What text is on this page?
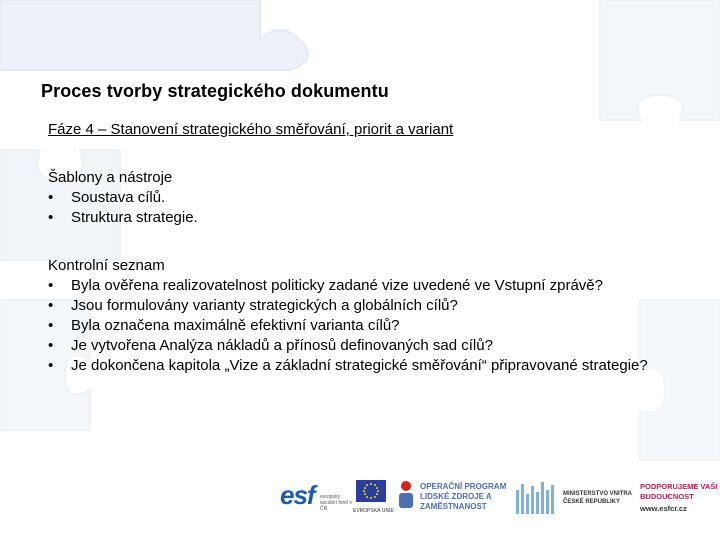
Proces tvorby strategického dokumentu
Fáze 4 – Stanovení strategického směřování, priorit a variant
Šablony a nástroje
• Soustava cílů.
• Struktura strategie.
Kontrolní seznam
• Byla ověřena realizovatelnost politicky zadané vize uvedené ve Vstupní zprávě?
• Jsou formulovány varianty strategických a globálních cílů?
• Byla označena maximálně efektivní varianta cílů?
• Je vytvořena Analýza nákladů a přínosů definovaných sad cílů?
• Je dokončena kapitola „Vize a základní strategické směřování“ připravované strategie?
esf evropský sociální fond v ČR	EVROPSKÁ UNIE
OPERAČNÍ PROGRAM LIDSKÉ ZDROJE A ZAMĚSTNANOST
MINISTERSTVO VNITRA ČESKÉ REPUBLIKY
PODPORUJEME VAŠI BUDOUCNOST
www.esfcr.cz
